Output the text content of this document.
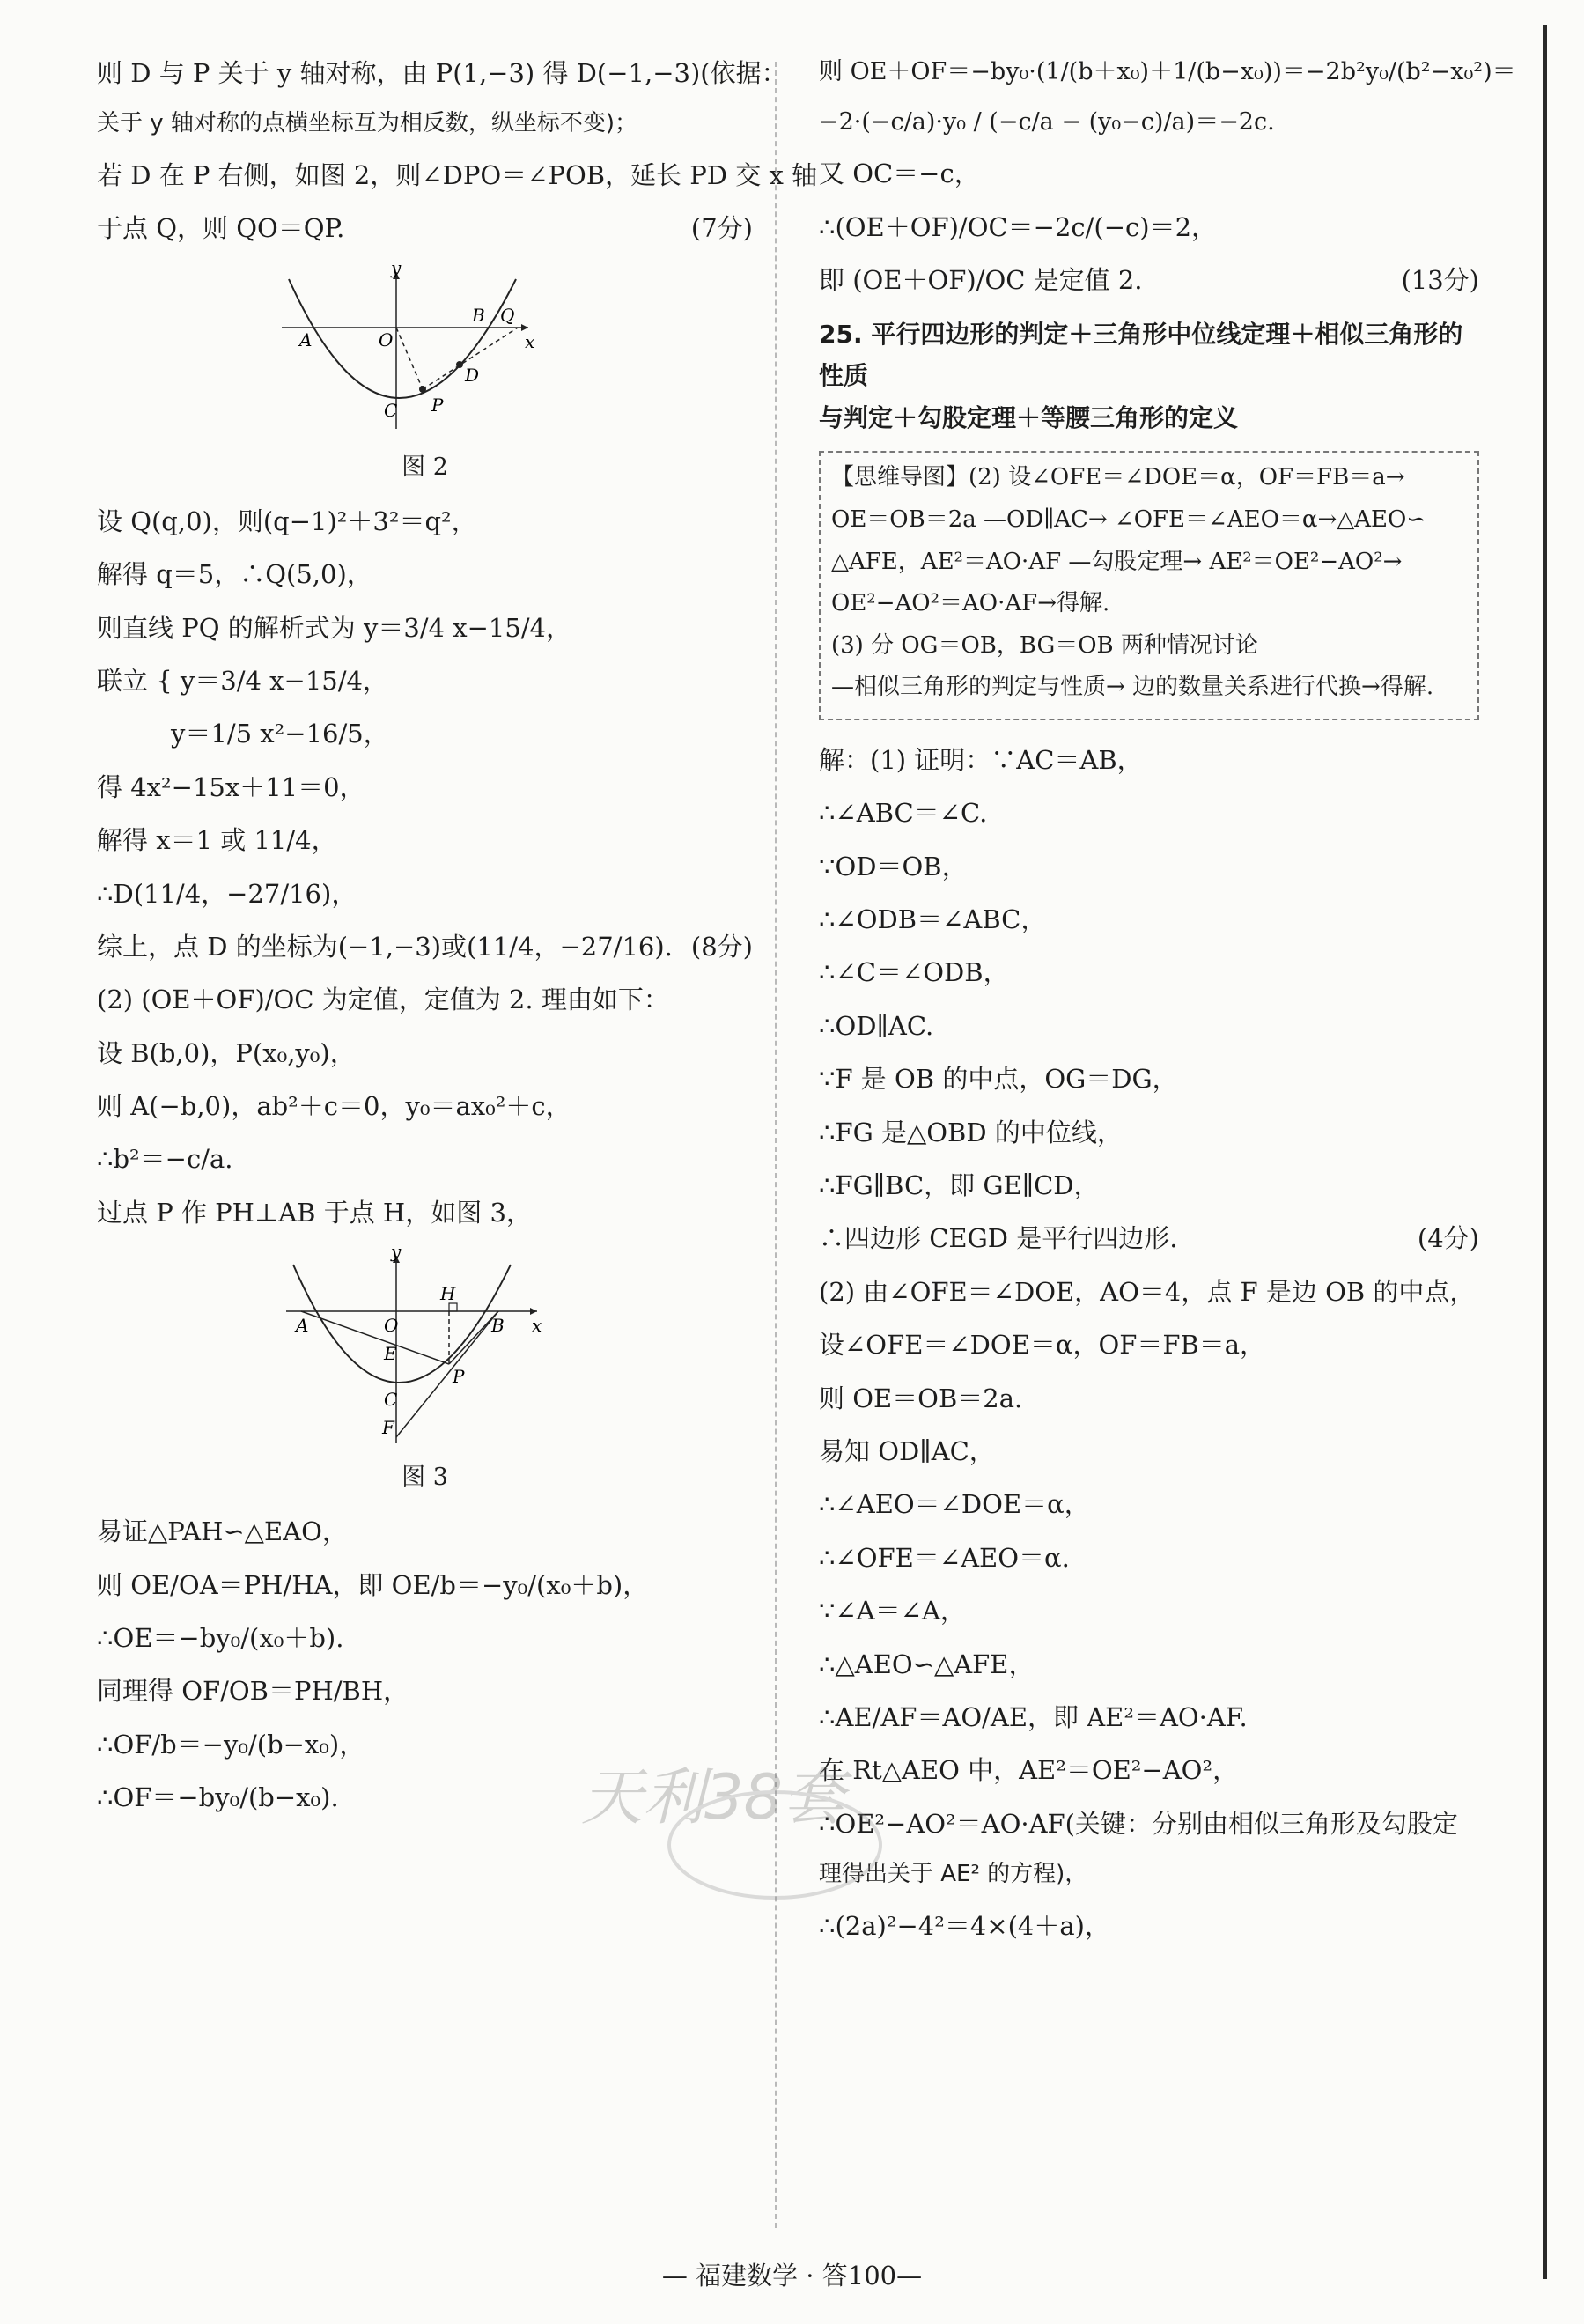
则 D 与 P 关于 y 轴对称，由 P(1,−3) 得 D(−1,−3)(依据：

关于 y 轴对称的点横坐标互为相反数，纵坐标不变)；

若 D 在 P 右侧，如图 2，则∠DPO＝∠POB，延长 PD 交 x 轴

于点 Q，则 QO＝QP.	(7分)

y
A	O
B Q
x
D
C P
图 2

设 Q(q,0)，则(q−1)²＋3²＝q²，

解得 q＝5，∴Q(5,0)，

则直线 PQ 的解析式为 y＝3/4 x−15/4，

联立 { y＝3/4 x−15/4，

y＝1/5 x²−16/5，

得 4x²−15x＋11＝0，

解得 x＝1 或 11/4，

∴D(11/4，−27/16)，

综上，点 D 的坐标为(−1,−3)或(11/4，−27/16). (8分)

(2) (OE＋OF)/OC 为定值，定值为 2. 理由如下：

设 B(b,0)，P(x₀,y₀)，

则 A(−b,0)，ab²＋c＝0，y₀＝ax₀²＋c，

∴b²＝−c/a.

过点 P 作 PH⊥AB 于点 H，如图 3，

y
H
A	O	B x
E
P
C
F
图 3

易证△PAH∽△EAO，

则 OE/OA＝PH/HA，即 OE/b＝−y₀/(x₀＋b)，

∴OE＝−by₀/(x₀＋b).

同理得 OF/OB＝PH/BH，

∴OF/b＝−y₀/(b−x₀)，

∴OF＝−by₀/(b−x₀).

则 OE＋OF＝−by₀·(1/(b＋x₀)＋1/(b−x₀))＝−2b²y₀/(b²−x₀²)＝

−2·(−c/a)·y₀ / (−c/a − (y₀−c)/a)＝−2c.

又 OC＝−c，

∴(OE＋OF)/OC＝−2c/(−c)＝2，

即 (OE＋OF)/OC 是定值 2.	(13分)

25. 平行四边形的判定＋三角形中位线定理＋相似三角形的性质
与判定＋勾股定理＋等腰三角形的定义

【思维导图】(2) 设∠OFE＝∠DOE＝α，OF＝FB＝a→

OE＝OB＝2a —OD∥AC→ ∠OFE＝∠AEO＝α→△AEO∽

△AFE，AE²＝AO·AF —勾股定理→ AE²＝OE²−AO²→

OE²−AO²＝AO·AF→得解.

(3) 分 OG＝OB，BG＝OB 两种情况讨论

—相似三角形的判定与性质→ 边的数量关系进行代换→得解.

解：(1) 证明：∵AC＝AB，

∴∠ABC＝∠C.

∵OD＝OB，

∴∠ODB＝∠ABC，

∴∠C＝∠ODB，

∴OD∥AC.

∵F 是 OB 的中点，OG＝DG，

∴FG 是△OBD 的中位线，

∴FG∥BC，即 GE∥CD，

∴四边形 CEGD 是平行四边形.	(4分)

(2) 由∠OFE＝∠DOE，AO＝4，点 F 是边 OB 的中点，

设∠OFE＝∠DOE＝α，OF＝FB＝a，

则 OE＝OB＝2a.

易知 OD∥AC，

∴∠AEO＝∠DOE＝α，

∴∠OFE＝∠AEO＝α.

∵∠A＝∠A，

∴△AEO∽△AFE，

∴AE/AF＝AO/AE，即 AE²＝AO·AF.

在 Rt△AEO 中，AE²＝OE²−AO²，

∴OE²−AO²＝AO·AF(关键：分别由相似三角形及勾股定

理得出关于 AE² 的方程)，

∴(2a)²−4²＝4×(4＋a)，

天利38套
— 福建数学 · 答100—
